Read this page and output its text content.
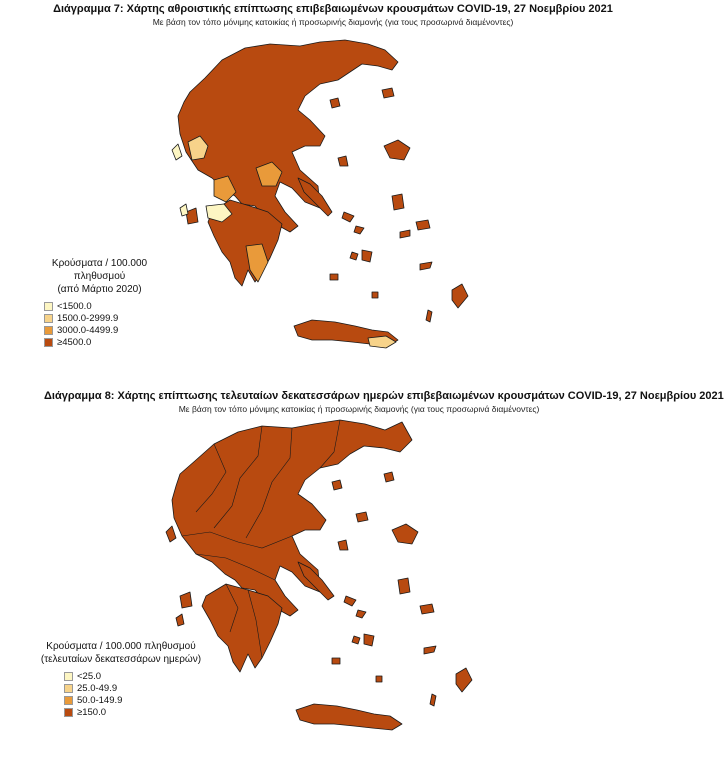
Διάγραμμα 7: Χάρτης αθροιστικής επίπτωσης επιβεβαιωμένων κρουσμάτων COVID-19, 27 Νοεμβρίου 2021
Με βάση τον τόπο μόνιμης κατοικίας ή προσωρινής διαμονής (για τους προσωρινά διαμένοντες)
Κρούσματα / 100.000 πληθυσμού
(από Μάρτιο 2020)
<1500.0
1500.0-2999.9
3000.0-4499.9
≥4500.0
Διάγραμμα 8: Χάρτης επίπτωσης τελευταίων δεκατεσσάρων ημερών επιβεβαιωμένων κρουσμάτων COVID-19, 27 Νοεμβρίου 2021
Με βάση τον τόπο μόνιμης κατοικίας ή προσωρινής διαμονής (για τους προσωρινά διαμένοντες)
Κρούσματα / 100.000 πληθυσμού
(τελευταίων δεκατεσσάρων ημερών)
<25.0
25.0-49.9
50.0-149.9
≥150.0
